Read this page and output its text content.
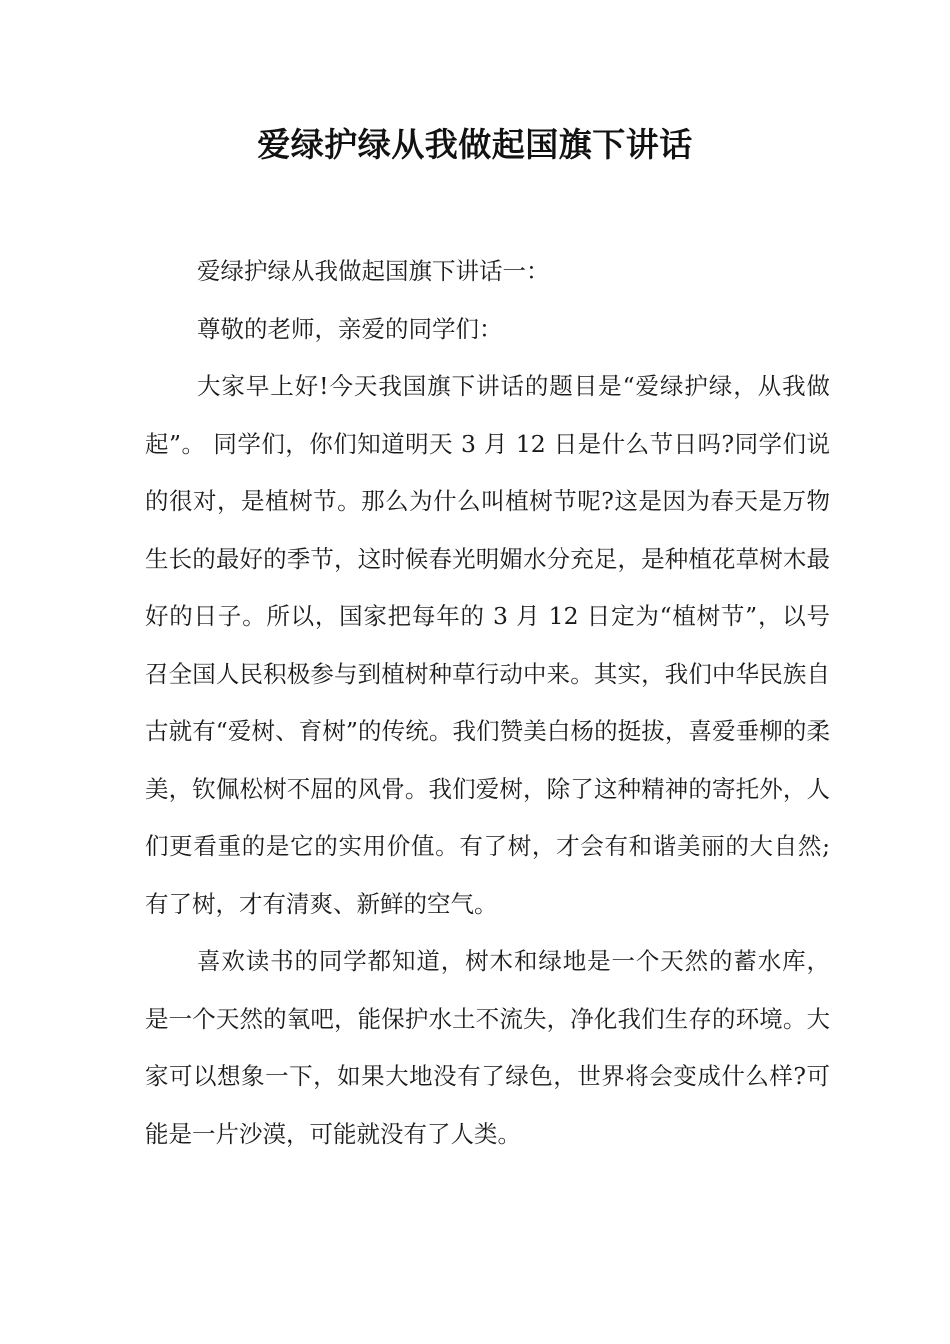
爱绿护绿从我做起国旗下讲话

爱绿护绿从我做起国旗下讲话一：

尊敬的老师，亲爱的同学们：

大家早上好!今天我国旗下讲话的题目是“爱绿护绿，从我做起”。 同学们，你们知道明天 3 月 12 日是什么节日吗?同学们说的很对，是植树节。那么为什么叫植树节呢?这是因为春天是万物生长的最好的季节，这时候春光明媚水分充足，是种植花草树木最好的日子。所以，国家把每年的 3 月 12 日定为“植树节”，以号召全国人民积极参与到植树种草行动中来。其实，我们中华民族自古就有“爱树、育树”的传统。我们赞美白杨的挺拔，喜爱垂柳的柔美，钦佩松树不屈的风骨。我们爱树，除了这种精神的寄托外，人们更看重的是它的实用价值。有了树，才会有和谐美丽的大自然;有了树，才有清爽、新鲜的空气。

喜欢读书的同学都知道，树木和绿地是一个天然的蓄水库，是一个天然的氧吧，能保护水土不流失，净化我们生存的环境。大家可以想象一下，如果大地没有了绿色，世界将会变成什么样?可能是一片沙漠，可能就没有了人类。
